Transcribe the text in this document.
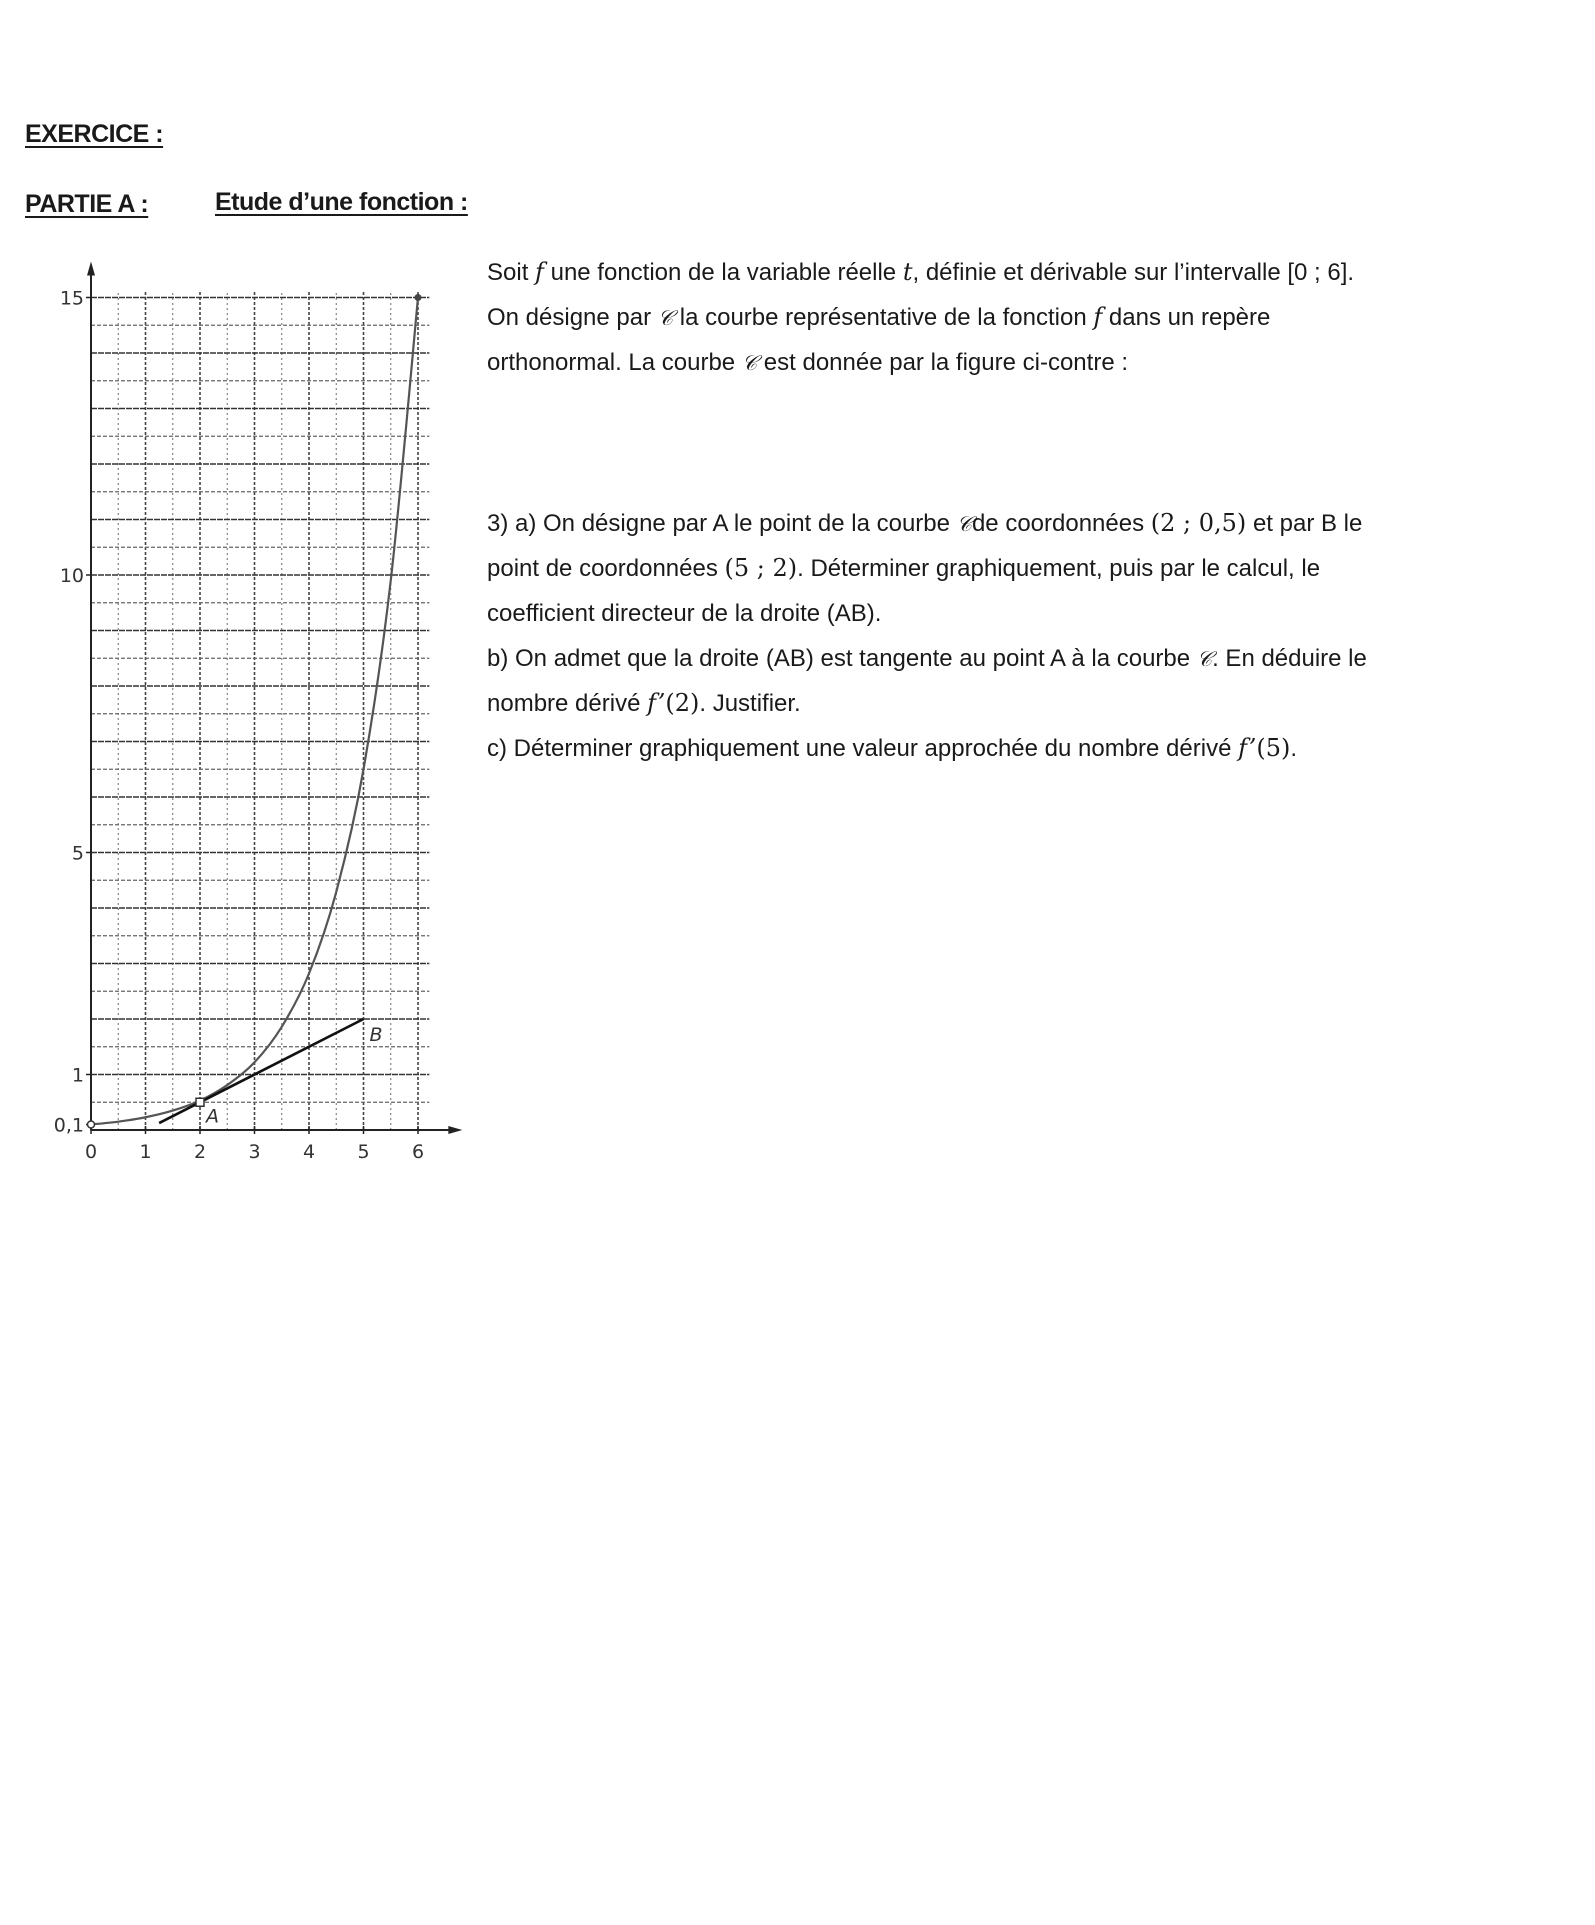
EXERCICE :
PARTIE A :	Etude d’une fonction :
Soit f une fonction de la variable réelle t, définie et dérivable sur l’intervalle [0 ; 6].
On désigne par 𝒞 la courbe représentative de la fonction f dans un repère
orthonormal. La courbe 𝒞 est donnée par la figure ci-contre :
3) a) On désigne par A le point de la courbe 𝒞de coordonnées (2 ; 0,5) et par B le
point de coordonnées (5 ; 2). Déterminer graphiquement, puis par le calcul, le
coefficient directeur de la droite (AB).
b) On admet que la droite (AB) est tangente au point A à la courbe 𝒞. En déduire le
nombre dérivé f’(2). Justifier.
c) Déterminer graphiquement une valeur approchée du nombre dérivé f’(5).
0 1 2 3 4 5 6
0,1
1
5
10
15
A
B
